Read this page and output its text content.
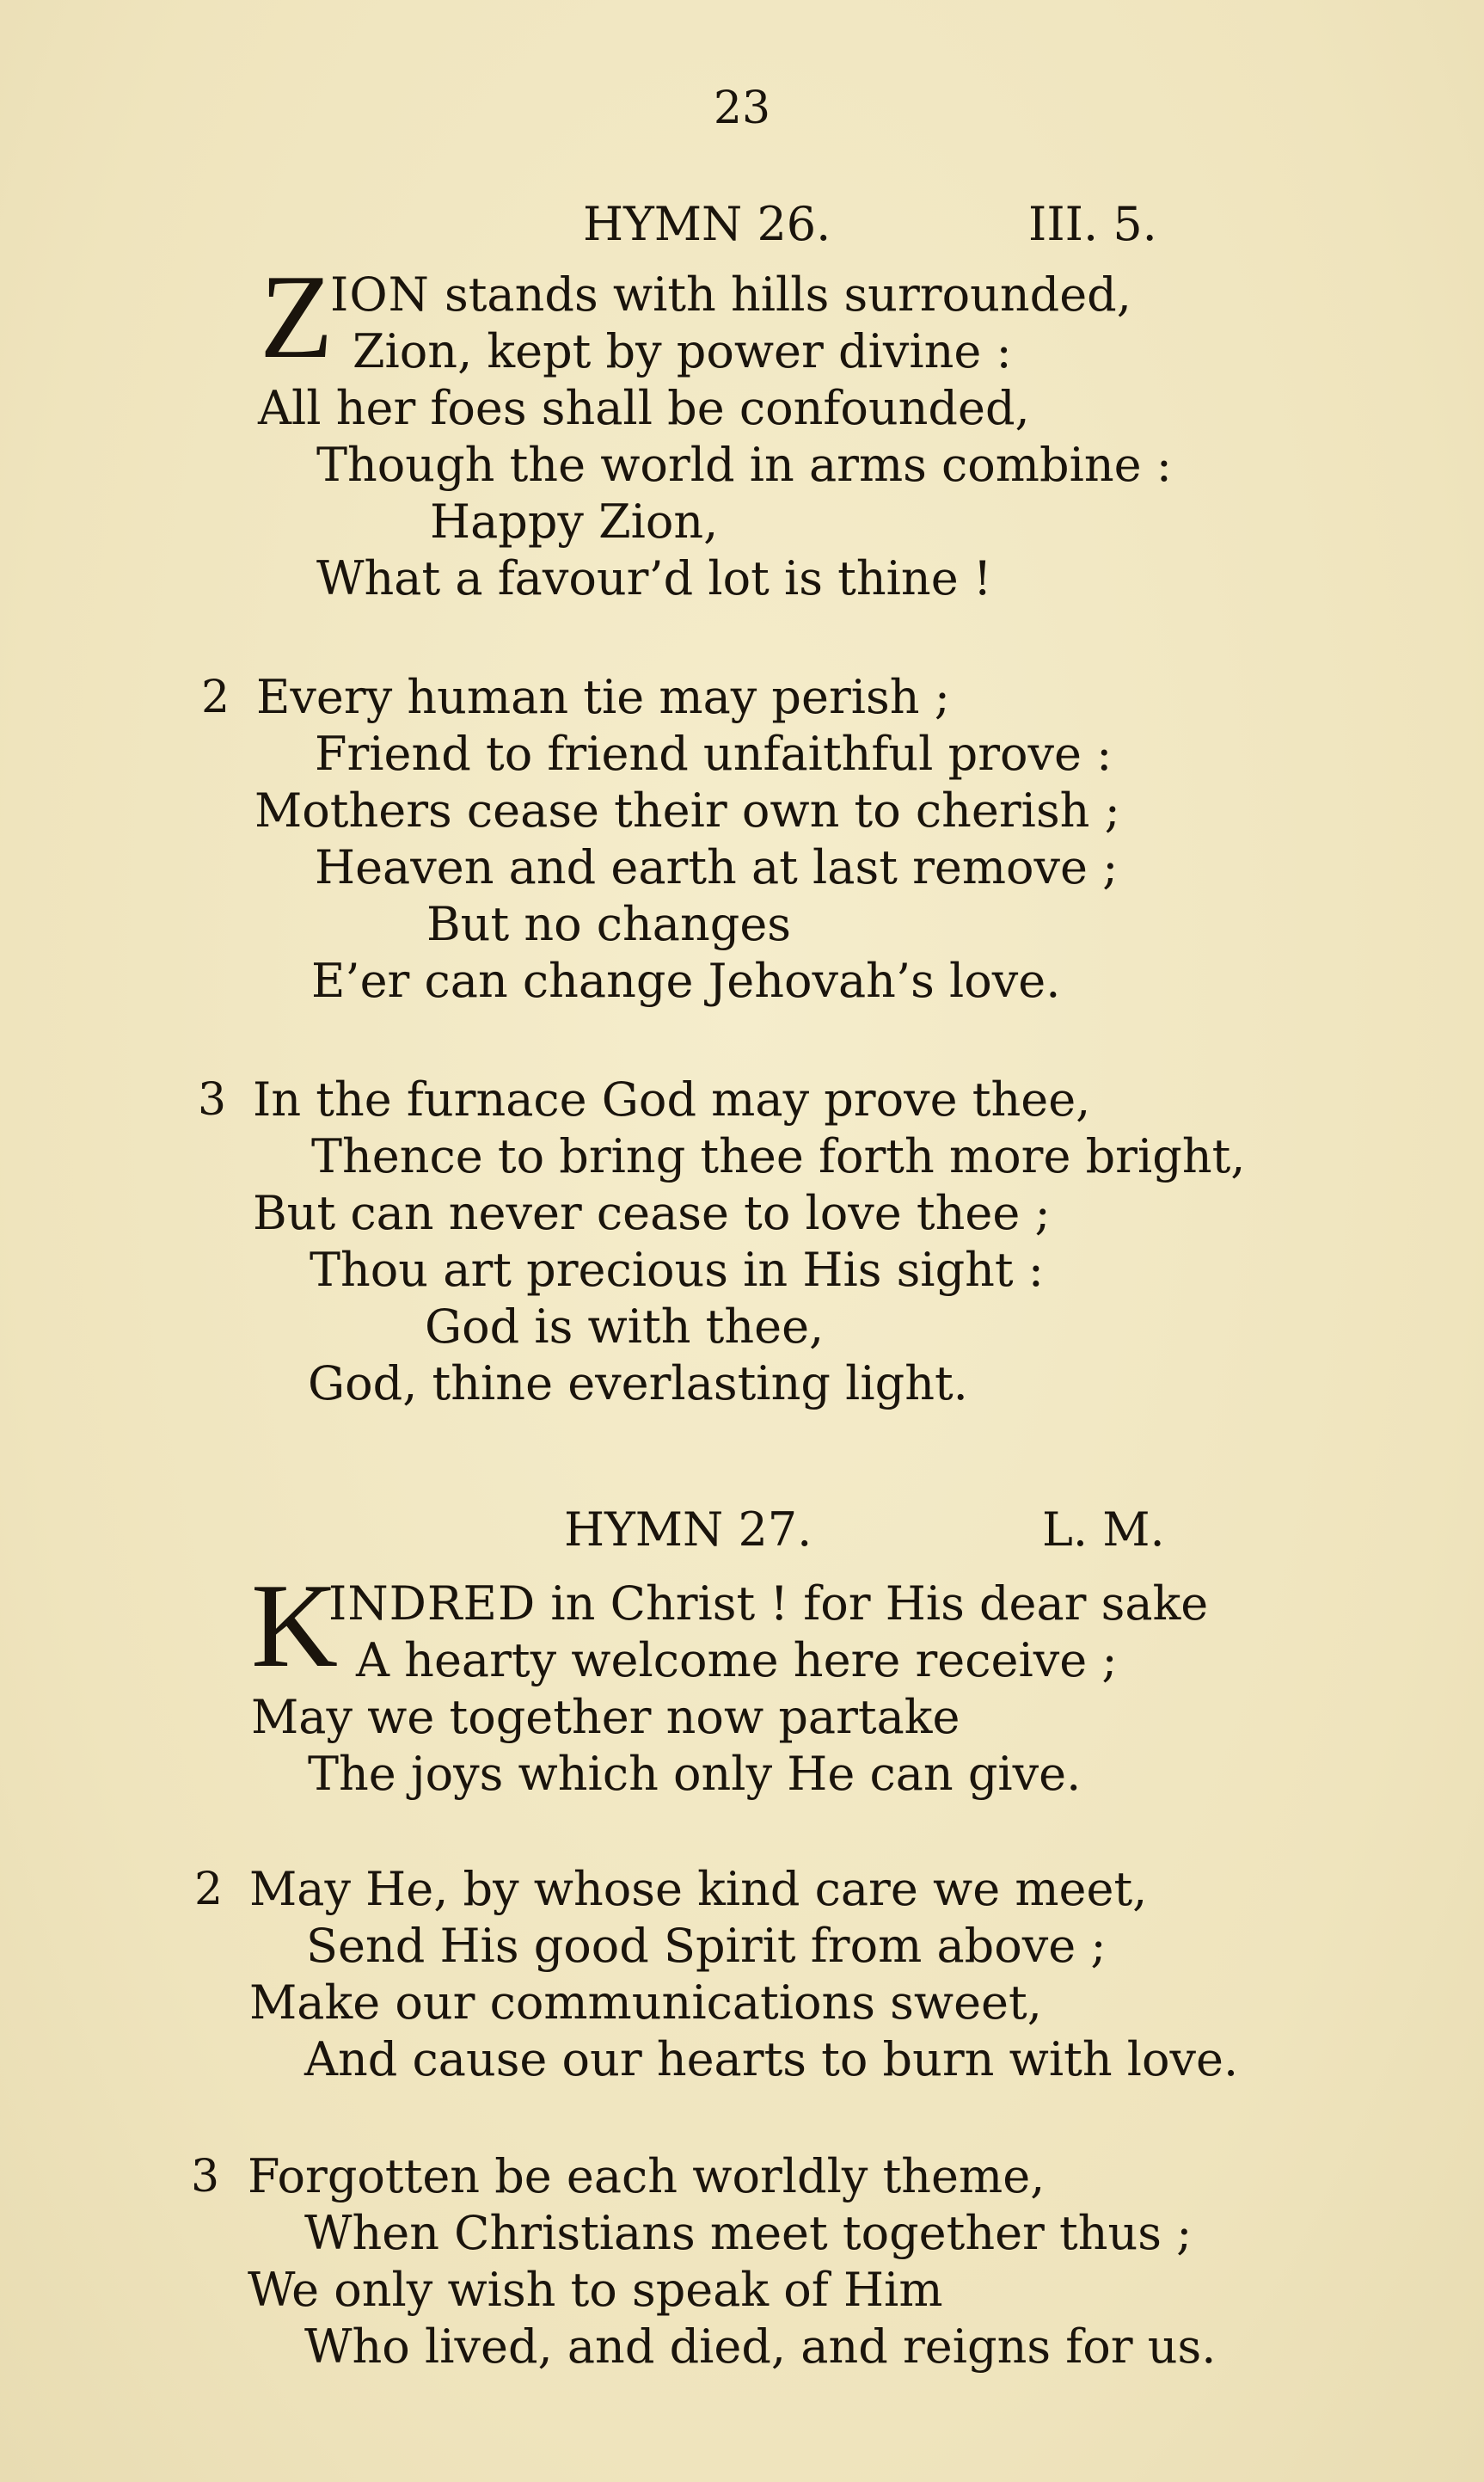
23
HYMN 26.	III. 5.
Z
ION stands with hills surrounded,
Zion, kept by power divine :
All her foes shall be confounded,
Though the world in arms combine :
Happy Zion,
What a favour’d lot is thine !
2 Every human tie may perish ;
Friend to friend unfaithful prove :
Mothers cease their own to cherish ;
Heaven and earth at last remove ;
But no changes
E’er can change Jehovah’s love.
3 In the furnace God may prove thee,
Thence to bring thee forth more bright,
But can never cease to love thee ;
Thou art precious in His sight :
God is with thee,
God, thine everlasting light.
HYMN 27.	L. M.
K
INDRED in Christ ! for His dear sake
A hearty welcome here receive ;
May we together now partake
The joys which only He can give.
2 May He, by whose kind care we meet,
Send His good Spirit from above ;
Make our communications sweet,
And cause our hearts to burn with love.
3 Forgotten be each worldly theme,
When Christians meet together thus ;
We only wish to speak of Him
Who lived, and died, and reigns for us.
